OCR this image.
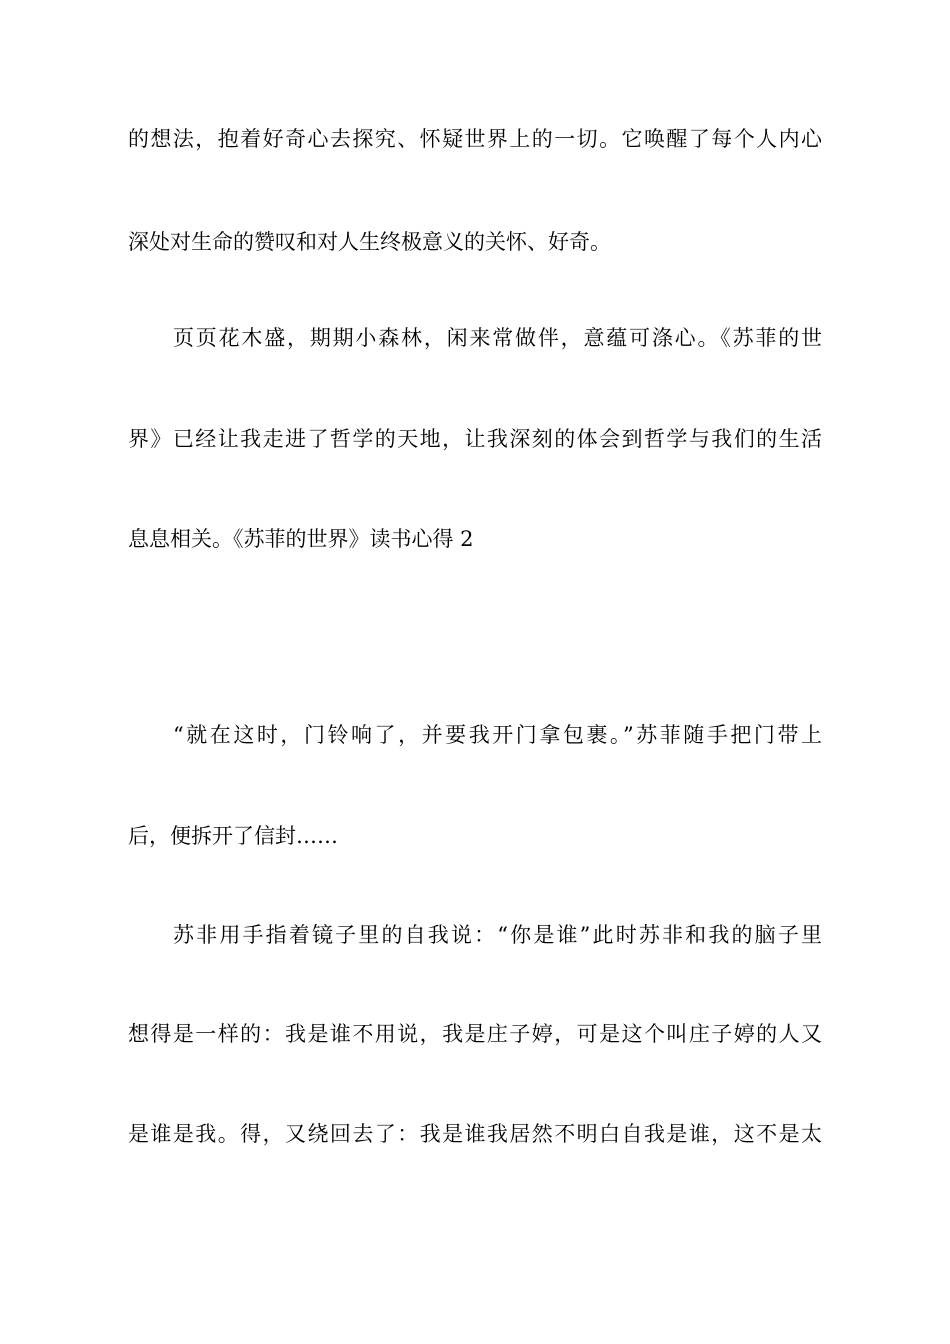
的想法，抱着好奇心去探究、怀疑世界上的一切。它唤醒了每个人内心
深处对生命的赞叹和对人生终极意义的关怀、好奇。
页页花木盛，期期小森林，闲来常做伴，意蕴可涤心。《苏菲的世
界》已经让我走进了哲学的天地，让我深刻的体会到哲学与我们的生活
息息相关。《苏菲的世界》读书心得 2
“就在这时，门铃响了，并要我开门拿包裹。”苏菲随手把门带上
后，便拆开了信封……
苏非用手指着镜子里的自我说：“你是谁”此时苏非和我的脑子里
想得是一样的：我是谁不用说，我是庄子婷，可是这个叫庄子婷的人又
是谁是我。得，又绕回去了：我是谁我居然不明白自我是谁，这不是太
